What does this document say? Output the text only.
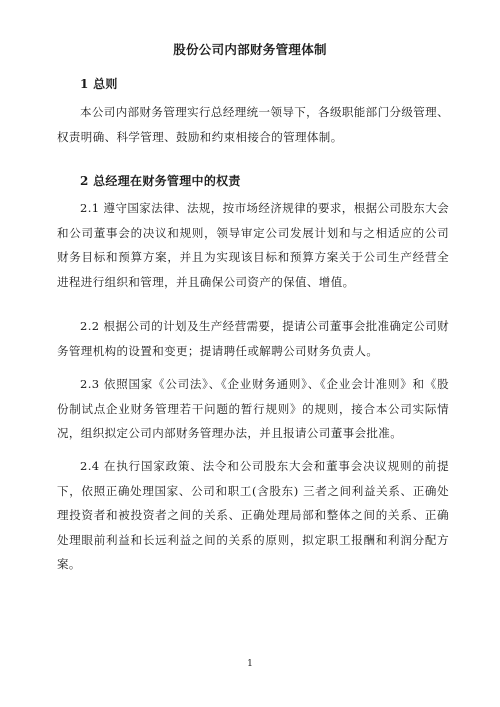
股份公司内部财务管理体制
1 总则

本公司内部财务管理实行总经理统一领导下，各级职能部门分级管理、权责明确、科学管理、鼓励和约束相接合的管理体制。

2 总经理在财务管理中的权责

2.1 遵守国家法律、法规，按市场经济规律的要求，根据公司股东大会和公司董事会的决议和规则，领导审定公司发展计划和与之相适应的公司财务目标和预算方案，并且为实现该目标和预算方案关于公司生产经营全进程进行组织和管理，并且确保公司资产的保值、增值。

2.2 根据公司的计划及生产经营需要，提请公司董事会批准确定公司财务管理机构的设置和变更；提请聘任或解聘公司财务负责人。

2.3 依照国家《公司法》、《企业财务通则》、《企业会计准则》和《股份制试点企业财务管理若干问题的暂行规则》的规则，接合本公司实际情况，组织拟定公司内部财务管理办法，并且报请公司董事会批准。

2.4 在执行国家政策、法令和公司股东大会和董事会决议规则的前提下，依照正确处理国家、公司和职工(含股东) 三者之间利益关系、正确处理投资者和被投资者之间的关系、正确处理局部和整体之间的关系、正确处理眼前利益和长远利益之间的关系的原则，拟定职工报酬和利润分配方案。

1
